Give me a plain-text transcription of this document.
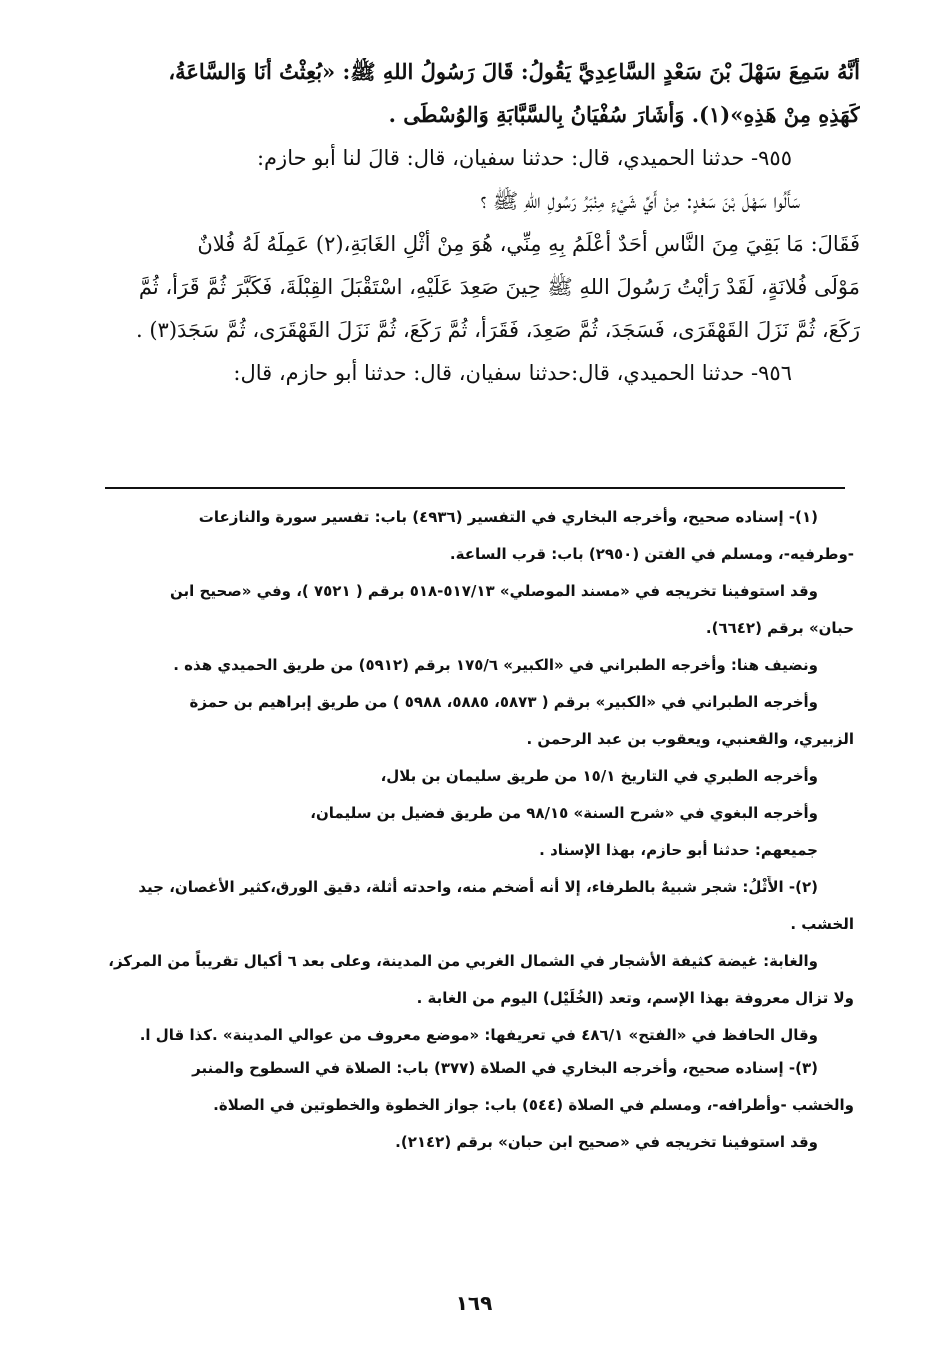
أَنَّهُ سَمِعَ سَهْلَ بْنَ سَعْدٍ السَّاعِدِيَّ يَقُولُ: قَالَ رَسُولُ اللهِ ﷺ: «بُعِثْتُ أَنَا وَالسَّاعَةُ،
كَهَذِهِ مِنْ هَذِهِ»(١). وَأَشَارَ سُفْيَانُ بِالسَّبَّابَةِ وَالوُسْطَى .
٩٥٥- حدثنا الحميدي، قال: حدثنا سفيان، قال: قالَ لنا أبو حازم:
سَأَلُوا سَهْلَ بْنَ سَعْدٍ: مِنْ أَيِّ شَيْءٍ مِنْبَرُ رَسُولِ اللهِ ﷺ ؟
فَقَالَ: مَا بَقِيَ مِنَ النَّاسِ أَحَدٌ أَعْلَمُ بِهِ مِنِّي، هُوَ مِنْ أَثْلِ الغَابَةِ،(٢) عَمِلَهُ لَهُ فُلانٌ
مَوْلَى فُلانَةٍ، لَقَدْ رَأَيْتُ رَسُولَ اللهِ ﷺ حِينَ صَعِدَ عَلَيْهِ، اسْتَقْبَلَ القِبْلَةَ، فَكَبَّرَ ثُمَّ قَرَأَ، ثُمَّ
رَكَعَ، ثُمَّ نَزَلَ القَهْقَرَى، فَسَجَدَ، ثُمَّ صَعِدَ، فَقَرَأَ، ثُمَّ رَكَعَ، ثُمَّ نَزَلَ القَهْقَرَى، ثُمَّ سَجَدَ(٣) .
٩٥٦- حدثنا الحميدي، قال:حدثنا سفيان، قال: حدثنا أبو حازم، قال:
(١)- إسناده صحيح، وأخرجه البخاري في التفسير (٤٩٣٦) باب: تفسير سورة والنازعات
-وطرفيه-، ومسلم في الفتن (٢٩٥٠) باب: قرب الساعة.
وقد استوفينا تخريجه في «مسند الموصلي» ٥١٧/١٣-٥١٨ برقم ( ٧٥٢١ )، وفي «صحيح ابن
حبان» برقم (٦٦٤٢).
ونضيف هنا: وأخرجه الطبراني في «الكبير» ١٧٥/٦ برقم (٥٩١٢) من طريق الحميدي هذه .
وأخرجه الطبراني في «الكبير» برقم ( ٥٨٧٣، ٥٨٨٥، ٥٩٨٨ ) من طريق إبراهيم بن حمزة
الزبيري، والقعنبي، ويعقوب بن عبد الرحمن .
وأخرجه الطبري في التاريخ ١٥/١ من طريق سليمان بن بلال،
وأخرجه البغوي في «شرح السنة» ٩٨/١٥ من طريق فضيل بن سليمان،
جميعهم: حدثنا أبو حازم، بهذا الإسناد .
(٢)- الأَثْلُ: شجر شبيهٌ بالطرفاء، إلا أنه أضخم منه، واحدته أثلة، دقيق الورق،كثير الأغصان، جيد
الخشب .
والغابة: غيضة كثيفة الأشجار في الشمال الغربي من المدينة، وعلى بعد ٦ أكيال تقريباً من المركز،
ولا تزال معروفة بهذا الإسم، وتعد (الخُلَيْل) اليوم من الغابة .
وقال الحافظ في «الفتح» ٤٨٦/١ في تعريفها: «موضع معروف من عوالي المدينة» .كذا قال ا.
(٣)- إسناده صحيح، وأخرجه البخاري في الصلاة (٣٧٧) باب: الصلاة في السطوح والمنبر
والخشب -وأطرافه-، ومسلم في الصلاة (٥٤٤) باب: جواز الخطوة والخطوتين في الصلاة.
وقد استوفينا تخريجه في «صحيح ابن حبان» برقم (٢١٤٢).
١٦٩
